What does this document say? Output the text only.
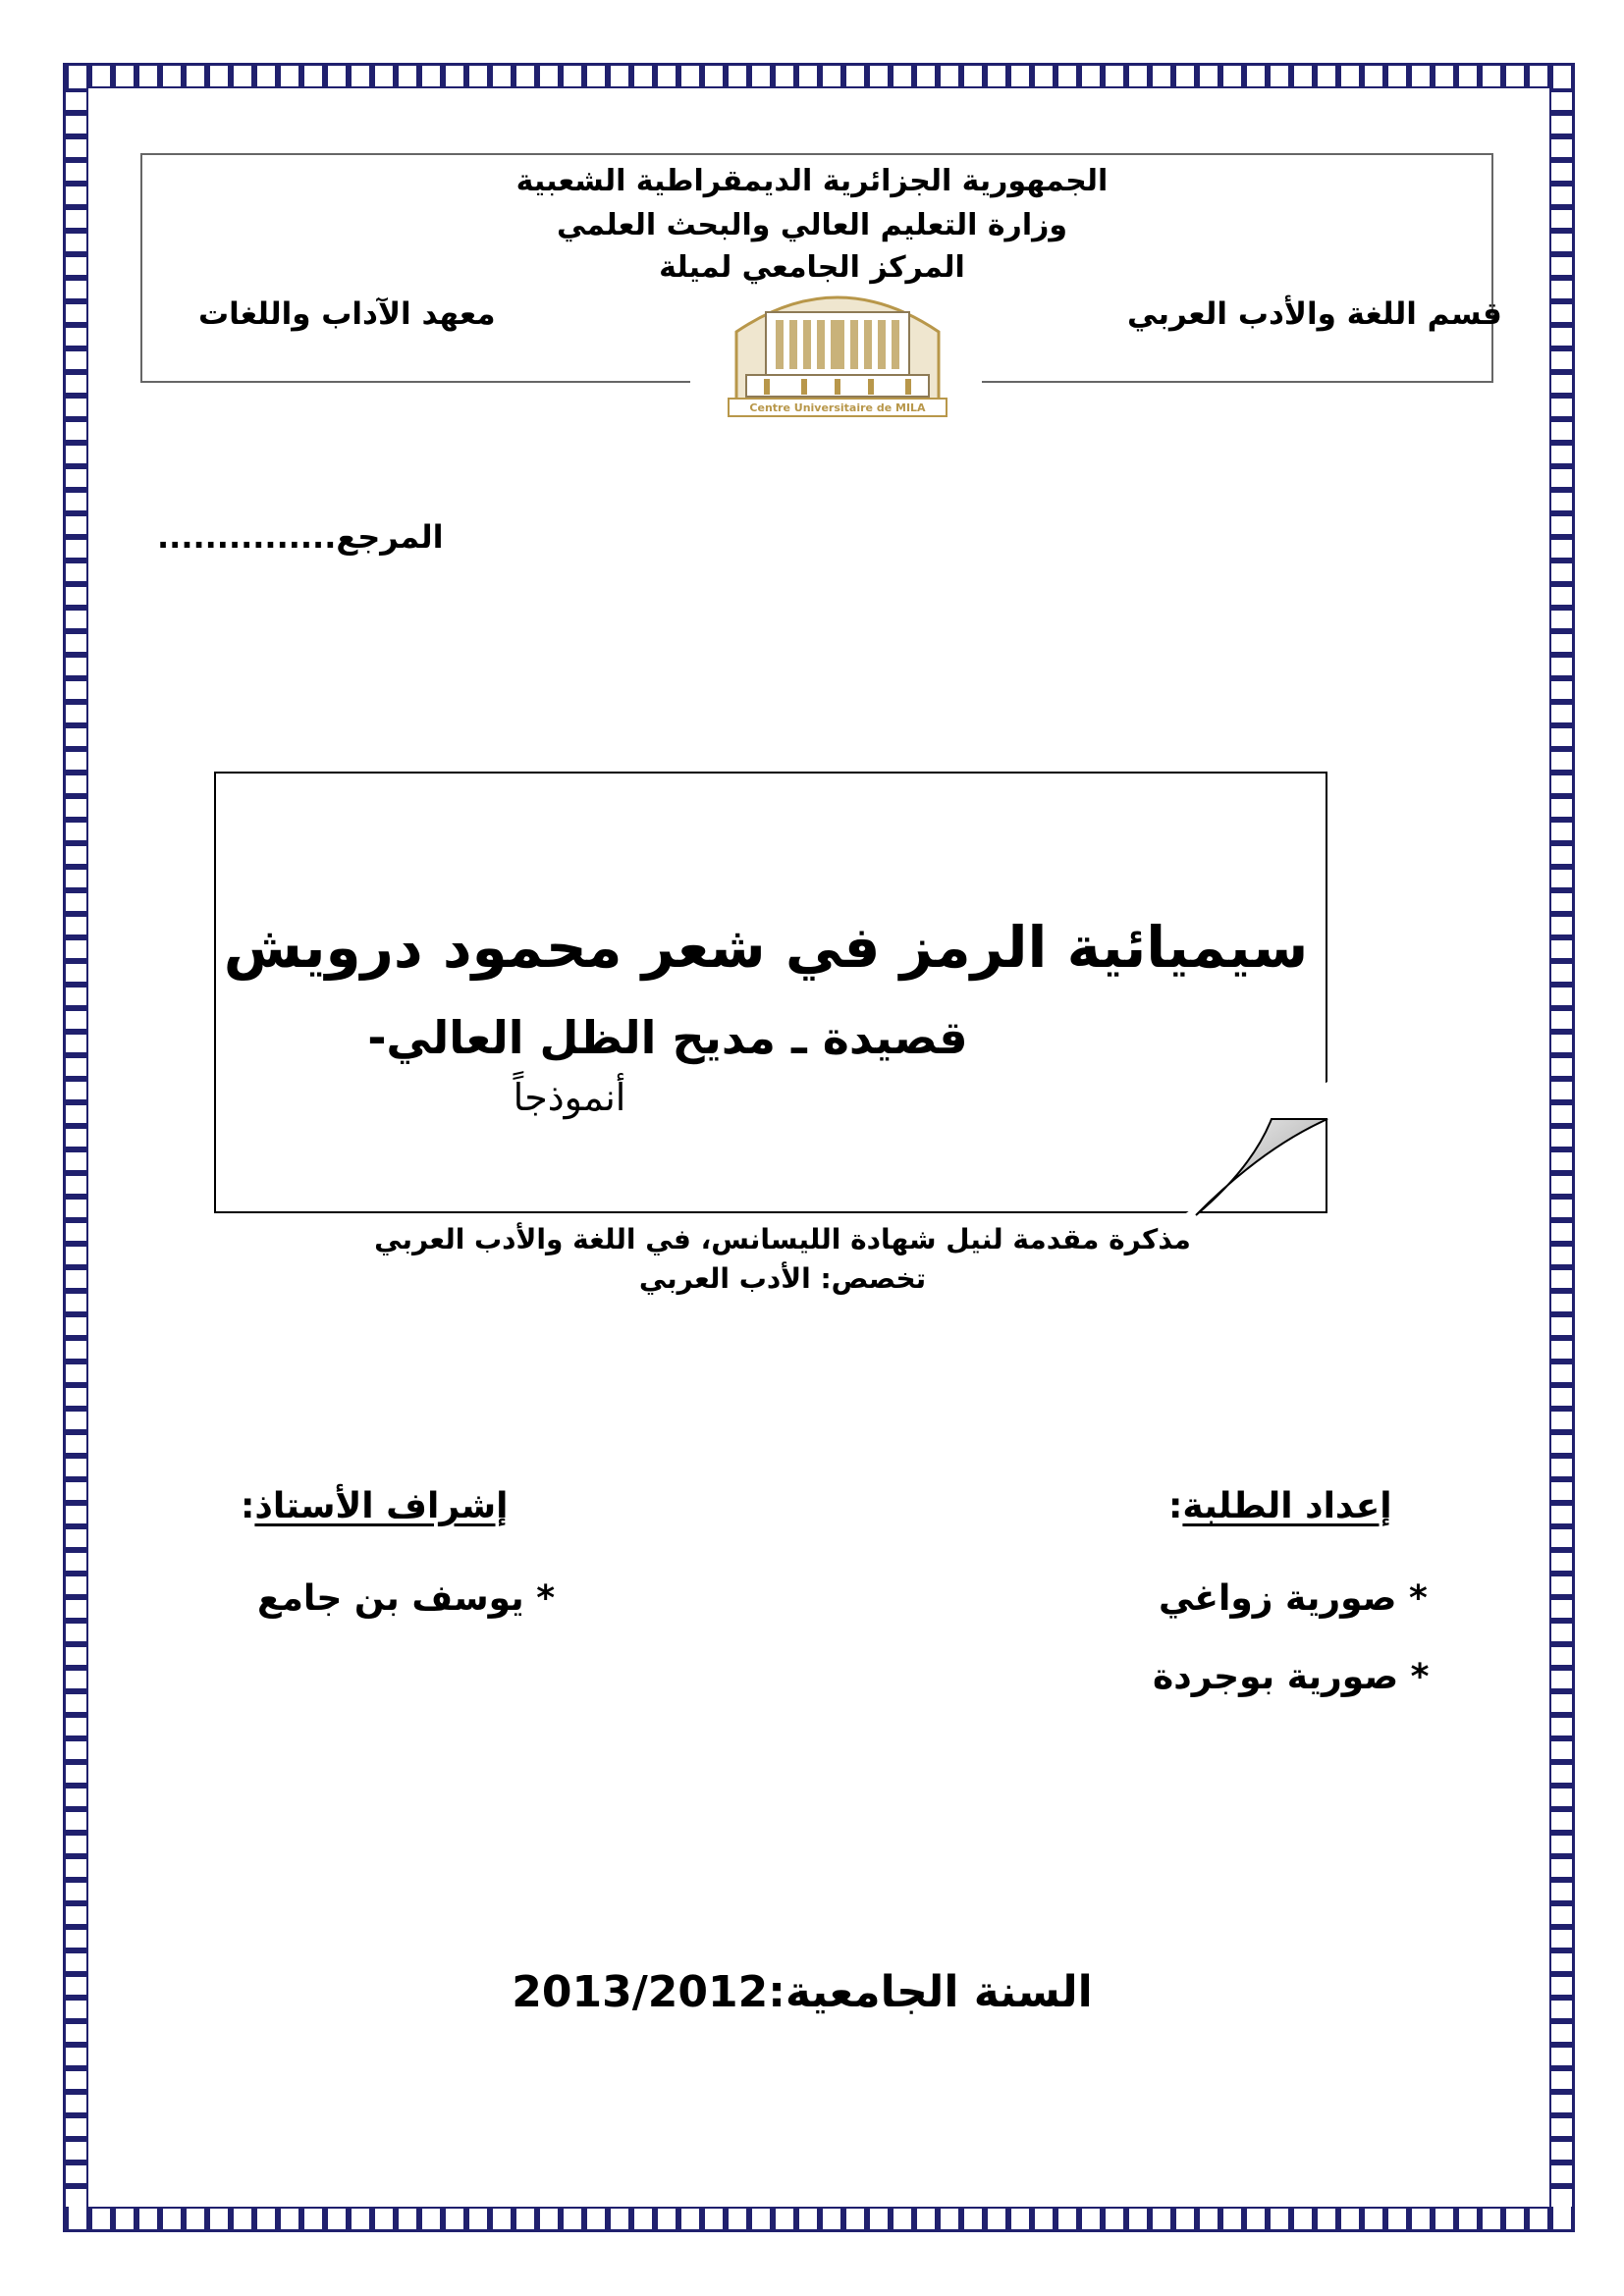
الجمهورية الجزائرية الديمقراطية الشعبية
وزارة التعليم العالي والبحث العلمي
المركز الجامعي لميلة
قسم اللغة والأدب العربي
معهد الآداب واللغات
Centre Universitaire de MILA
المرجع...............
سيميائية الرمز في شعر محمود درويش
قصيدة ـ مديح الظل العالي-
أنموذجاً
مذكرة مقدمة لنيل شهادة الليسانس، في اللغة والأدب العربي
تخصص: الأدب العربي
إعداد الطلبة:
إشراف الأستاذ:
* صورية زواغي
* صورية بوجردة
* يوسف بن جامع
السنة الجامعية:2013/2012
